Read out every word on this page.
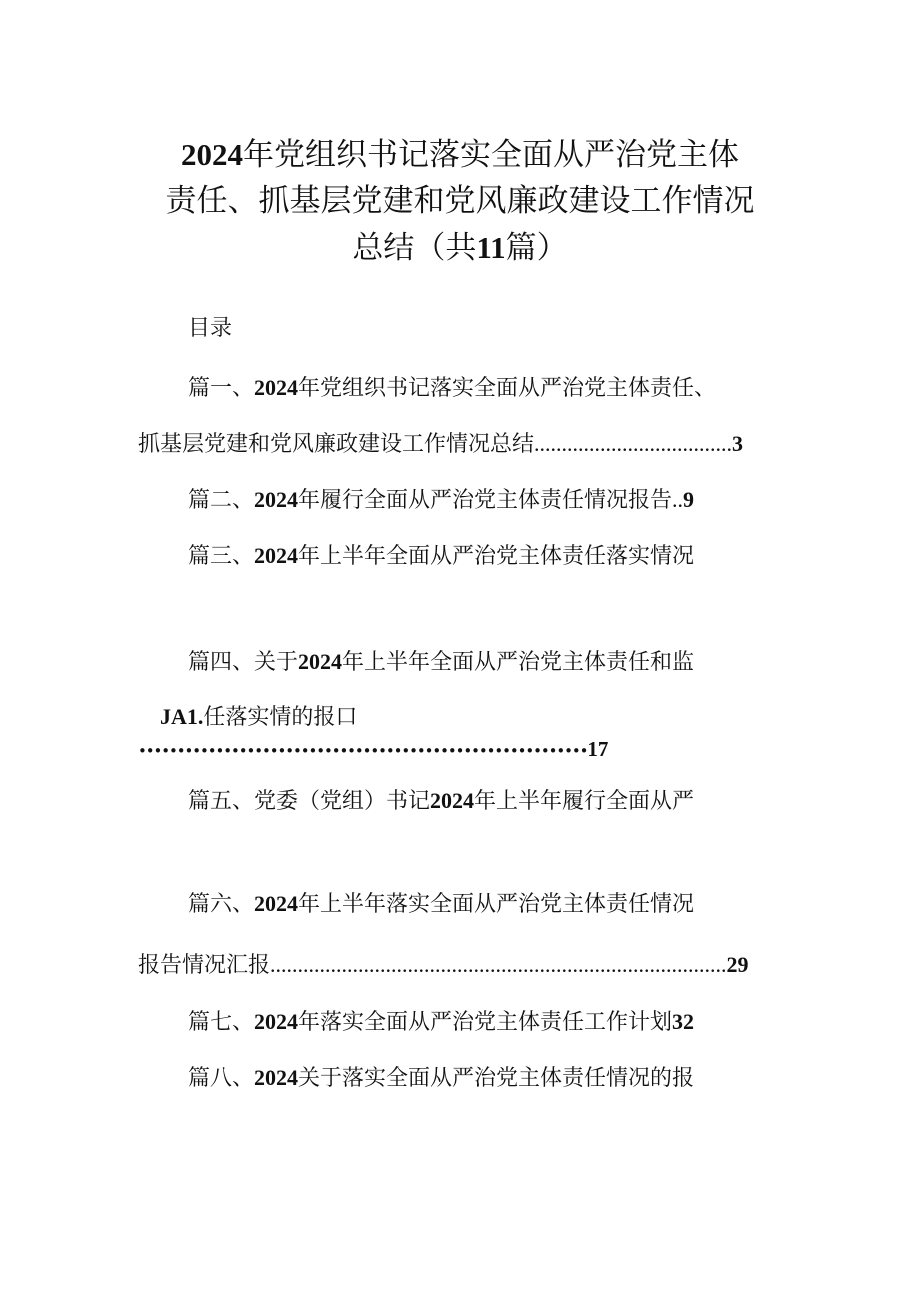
2024年党组织书记落实全面从严治党主体
责任、抓基层党建和党风廉政建设工作情况
总结（共11篇）
目录
篇一、2024年党组织书记落实全面从严治党主体责任、
抓基层党建和党风廉政建设工作情况总结....................................3
篇二、2024年履行全面从严治党主体责任情况报告..9
篇三、2024年上半年全面从严治党主体责任落实情况
篇四、关于2024年上半年全面从严治党主体责任和监
JA1.任落实情的报口
••••••••••••••••••••••••••••••••••••••••••••••••••••••••••17
篇五、党委（党组）书记2024年上半年履行全面从严
篇六、2024年上半年落实全面从严治党主体责任情况
报告情况汇报...................................................................................29
篇七、2024年落实全面从严治党主体责任工作计划32
篇八、2024关于落实全面从严治党主体责任情况的报
